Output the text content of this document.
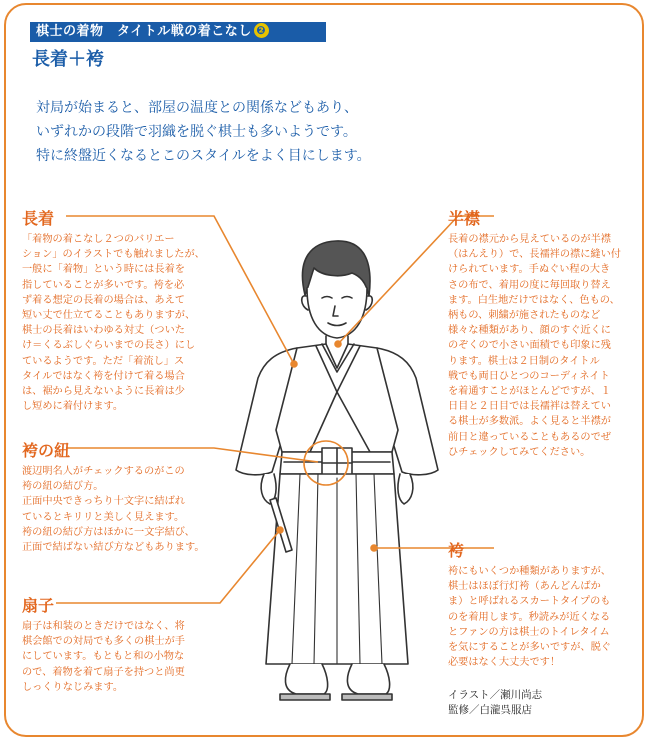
棋士の着物　タイトル戦の着こなし ❷
長着＋袴
対局が始まると、部屋の温度との関係などもあり、
いずれかの段階で羽織を脱ぐ棋士も多いようです。
特に終盤近くなるとこのスタイルをよく目にします。
長着
「着物の着こなし２つのバリエー
ション」のイラストでも触れましたが、
一般に「着物」という時には長着を
指していることが多いです。袴を必
ず着る想定の長着の場合は、あえて
短い丈で仕立てることもありますが、
棋士の長着はいわゆる対丈（ついた
け＝くるぶしぐらいまでの長さ）にし
ているようです。ただ「着流し」ス
タイルではなく袴を付けて着る場合
は、裾から見えないように長着は少
し短めに着付けます。
袴の紐
渡辺明名人がチェックするのがこの
袴の紐の結び方。
正面中央できっちり十文字に結ばれ
ているとキリリと美しく見えます。
袴の紐の結び方はほかに一文字結び、
正面で結ばない結び方などもあります。
扇子
扇子は和装のときだけではなく、将
棋会館での対局でも多くの棋士が手
にしています。もともと和の小物な
ので、着物を着て扇子を持つと尚更
しっくりなじみます。
半襟
長着の襟元から見えているのが半襟
（はんえり）で、長襦袢の襟に縫い付
けられています。手ぬぐい程の大き
さの布で、着用の度に毎回取り替え
ます。白生地だけではなく、色もの、
柄もの、刺繍が施されたものなど
様々な種類があり、顔のすぐ近くに
のぞくので小さい面積でも印象に残
ります。棋士は２日制のタイトル
戦でも両日ひとつのコーディネイト
を着通すことがほとんどですが、１
日目と２日目では長襦袢は替えてい
る棋士が多数派。よく見ると半襟が
前日と違っていることもあるのでぜ
ひチェックしてみてください。
袴
袴にもいくつか種類がありますが、
棋士はほぼ行灯袴（あんどんばか
ま）と呼ばれるスカートタイプのも
のを着用します。秒読みが近くなる
とファンの方は棋士のトイレタイム
を気にすることが多いですが、脱ぐ
必要はなく大丈夫です！
イラスト／瀬川尚志
監修／白瀧呉服店
